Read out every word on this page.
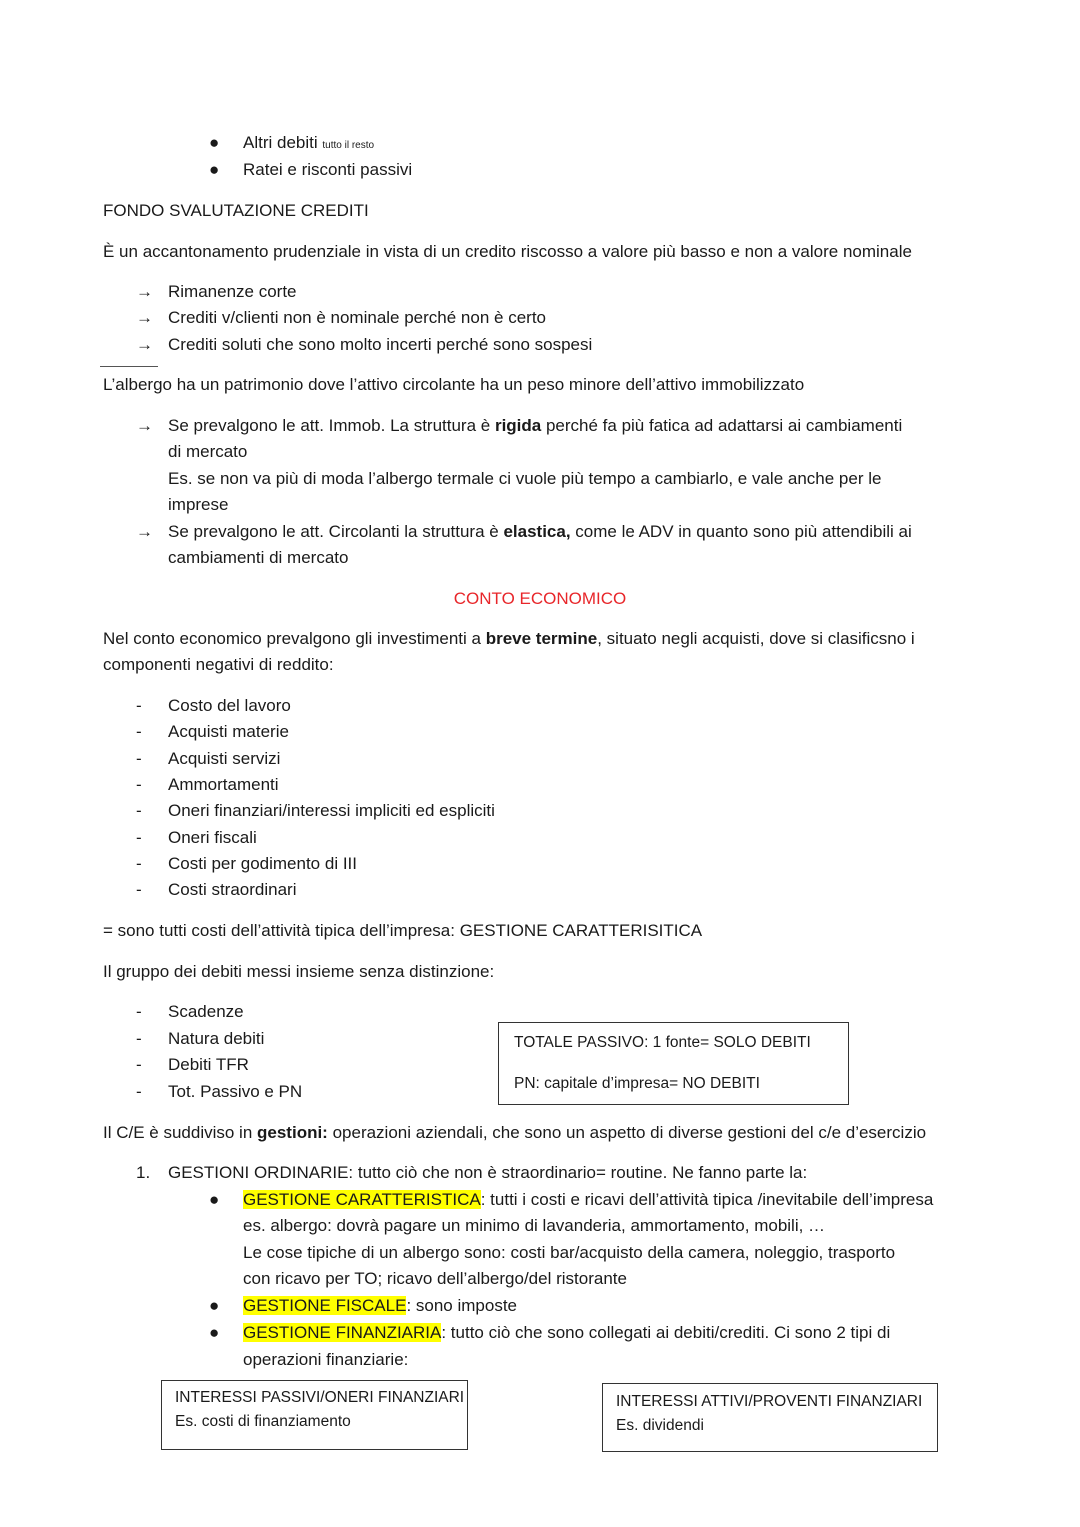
● Altri debiti tutto il resto
● Ratei e risconti passivi
FONDO SVALUTAZIONE CREDITI
È un accantonamento prudenziale in vista di un credito riscosso a valore più basso e non a valore nominale
→ Rimanenze corte
→ Crediti v/clienti non è nominale perché non è certo
→ Crediti soluti che sono molto incerti perché sono sospesi
L’albergo ha un patrimonio dove l’attivo circolante ha un peso minore dell’attivo immobilizzato
→ Se prevalgono le att. Immob. La struttura è rigida perché fa più fatica ad adattarsi ai cambiamenti
di mercato
Es. se non va più di moda l’albergo termale ci vuole più tempo a cambiarlo, e vale anche per le
imprese
→ Se prevalgono le att. Circolanti la struttura è elastica, come le ADV in quanto sono più attendibili ai
cambiamenti di mercato
CONTO ECONOMICO
Nel conto economico prevalgono gli investimenti a breve termine, situato negli acquisti, dove si clasificsno i
componenti negativi di reddito:
- Costo del lavoro
- Acquisti materie
- Acquisti servizi
- Ammortamenti
- Oneri finanziari/interessi impliciti ed espliciti
- Oneri fiscali
- Costi per godimento di III
- Costi straordinari
= sono tutti costi dell’attività tipica dell’impresa: GESTIONE CARATTERISITICA
Il gruppo dei debiti messi insieme senza distinzione:
- Scadenze
- Natura debiti
- Debiti TFR
- Tot. Passivo e PN
TOTALE PASSIVO: 1 fonte= SOLO DEBITI
PN: capitale d’impresa= NO DEBITI
Il C/E è suddiviso in gestioni: operazioni aziendali, che sono un aspetto di diverse gestioni del c/e d’esercizio
1. GESTIONI ORDINARIE: tutto ciò che non è straordinario= routine. Ne fanno parte la:
● GESTIONE CARATTERISTICA: tutti i costi e ricavi dell’attività tipica /inevitabile dell’impresa
es. albergo: dovrà pagare un minimo di lavanderia, ammortamento, mobili, …
Le cose tipiche di un albergo sono: costi bar/acquisto della camera, noleggio, trasporto
con ricavo per TO; ricavo dell’albergo/del ristorante
● GESTIONE FISCALE: sono imposte
● GESTIONE FINANZIARIA: tutto ciò che sono collegati ai debiti/crediti. Ci sono 2 tipi di
operazioni finanziarie:
INTERESSI PASSIVI/ONERI FINANZIARI
Es. costi di finanziamento
INTERESSI ATTIVI/PROVENTI FINANZIARI
Es. dividendi
